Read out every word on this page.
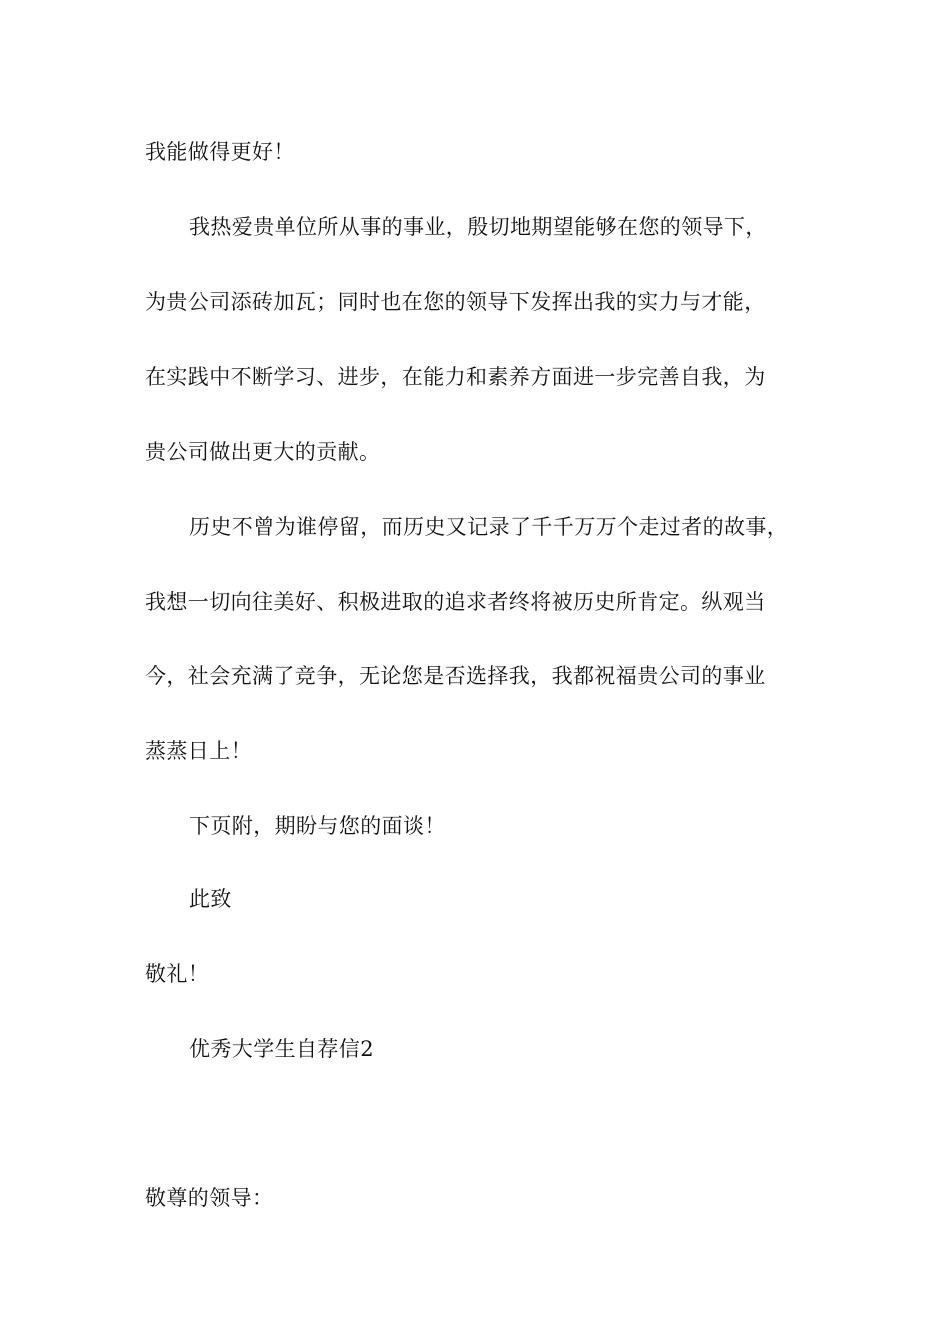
我能做得更好！
我热爱贵单位所从事的事业，殷切地期望能够在您的领导下，
为贵公司添砖加瓦；同时也在您的领导下发挥出我的实力与才能，
在实践中不断学习、进步，在能力和素养方面进一步完善自我，为
贵公司做出更大的贡献。
历史不曾为谁停留，而历史又记录了千千万万个走过者的故事，
我想一切向往美好、积极进取的追求者终将被历史所肯定。纵观当
今，社会充满了竞争，无论您是否选择我，我都祝福贵公司的事业
蒸蒸日上！
下页附，期盼与您的面谈！
此致
敬礼！
优秀大学生自荐信2
敬尊的领导：
